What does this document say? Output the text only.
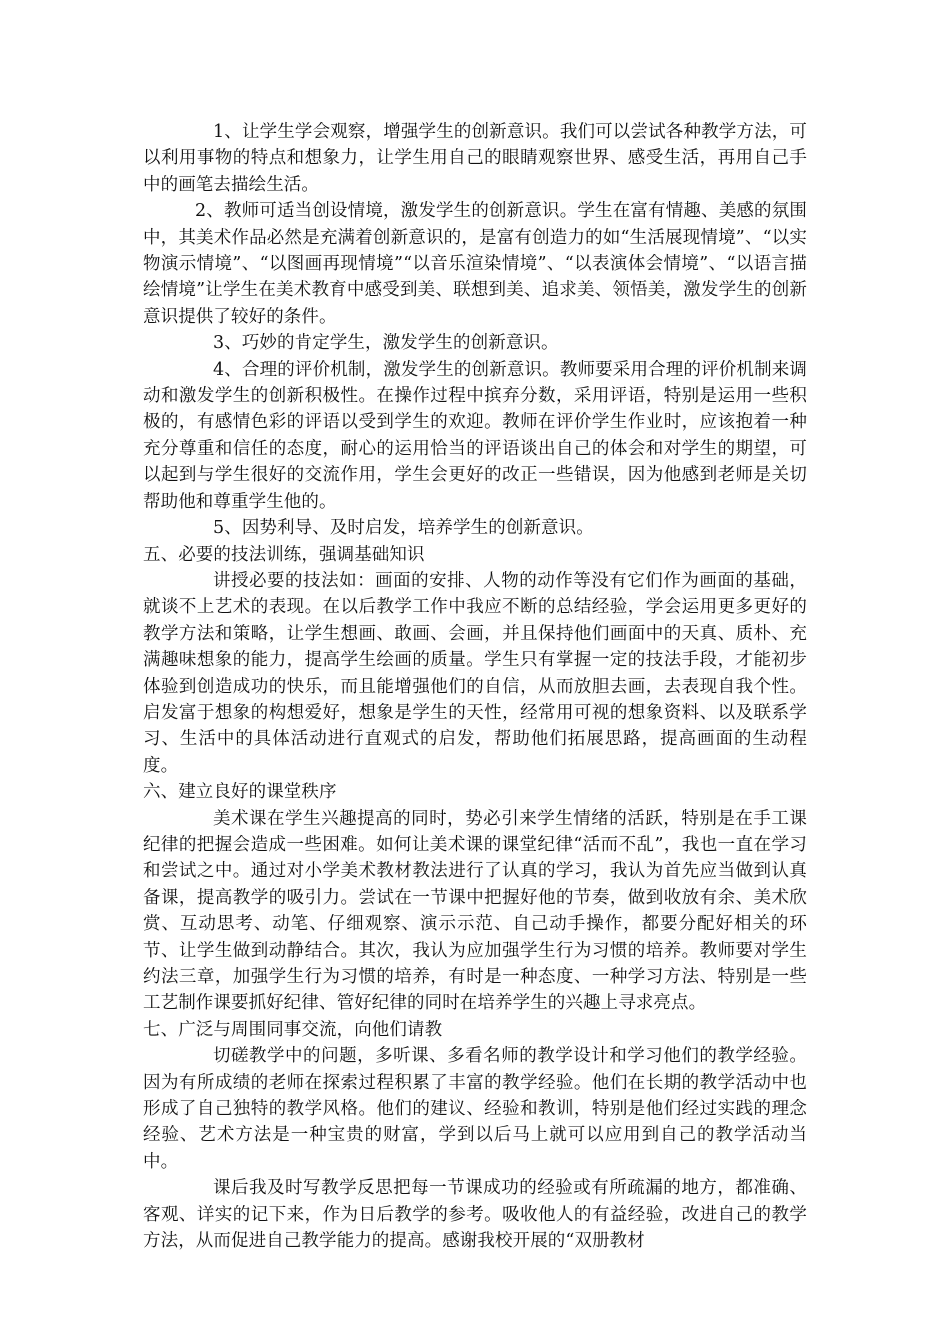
1、让学生学会观察，增强学生的创新意识。我们可以尝试各种教学方法，可以利用事物的特点和想象力，让学生用自己的眼睛观察世界、感受生活，再用自己手中的画笔去描绘生活。

2、教师可适当创设情境，激发学生的创新意识。学生在富有情趣、美感的氛围中，其美术作品必然是充满着创新意识的，是富有创造力的如“生活展现情境”、“以实物演示情境”、“以图画再现情境”“以音乐渲染情境”、“以表演体会情境”、“以语言描绘情境”让学生在美术教育中感受到美、联想到美、追求美、领悟美，激发学生的创新意识提供了较好的条件。

3、巧妙的肯定学生，激发学生的创新意识。

4、合理的评价机制，激发学生的创新意识。教师要采用合理的评价机制来调动和激发学生的创新积极性。在操作过程中摈弃分数，采用评语，特别是运用一些积极的，有感情色彩的评语以受到学生的欢迎。教师在评价学生作业时，应该抱着一种充分尊重和信任的态度，耐心的运用恰当的评语谈出自己的体会和对学生的期望，可以起到与学生很好的交流作用，学生会更好的改正一些错误，因为他感到老师是关切帮助他和尊重学生他的。

5、因势利导、及时启发，培养学生的创新意识。

五、必要的技法训练，强调基础知识

讲授必要的技法如：画面的安排、人物的动作等没有它们作为画面的基础，就谈不上艺术的表现。在以后教学工作中我应不断的总结经验，学会运用更多更好的教学方法和策略，让学生想画、敢画、会画，并且保持他们画面中的天真、质朴、充满趣味想象的能力，提高学生绘画的质量。学生只有掌握一定的技法手段，才能初步体验到创造成功的快乐，而且能增强他们的自信，从而放胆去画，去表现自我个性。启发富于想象的构想爱好，想象是学生的天性，经常用可视的想象资料、以及联系学习、生活中的具体活动进行直观式的启发，帮助他们拓展思路，提高画面的生动程度。

六、建立良好的课堂秩序

美术课在学生兴趣提高的同时，势必引来学生情绪的活跃，特别是在手工课纪律的把握会造成一些困难。如何让美术课的课堂纪律“活而不乱”，我也一直在学习和尝试之中。通过对小学美术教材教法进行了认真的学习，我认为首先应当做到认真备课，提高教学的吸引力。尝试在一节课中把握好他的节奏，做到收放有余、美术欣赏、互动思考、动笔、仔细观察、演示示范、自己动手操作，都要分配好相关的环节、让学生做到动静结合。其次，我认为应加强学生行为习惯的培养。教师要对学生约法三章，加强学生行为习惯的培养，有时是一种态度、一种学习方法、特别是一些工艺制作课要抓好纪律、管好纪律的同时在培养学生的兴趣上寻求亮点。

七、广泛与周围同事交流，向他们请教

切磋教学中的问题，多听课、多看名师的教学设计和学习他们的教学经验。因为有所成绩的老师在探索过程积累了丰富的教学经验。他们在长期的教学活动中也形成了自己独特的教学风格。他们的建议、经验和教训，特别是他们经过实践的理念经验、艺术方法是一种宝贵的财富，学到以后马上就可以应用到自己的教学活动当中。

课后我及时写教学反思把每一节课成功的经验或有所疏漏的地方，都准确、客观、详实的记下来，作为日后教学的参考。吸收他人的有益经验，改进自己的教学方法，从而促进自己教学能力的提高。感谢我校开展的“双册教材
